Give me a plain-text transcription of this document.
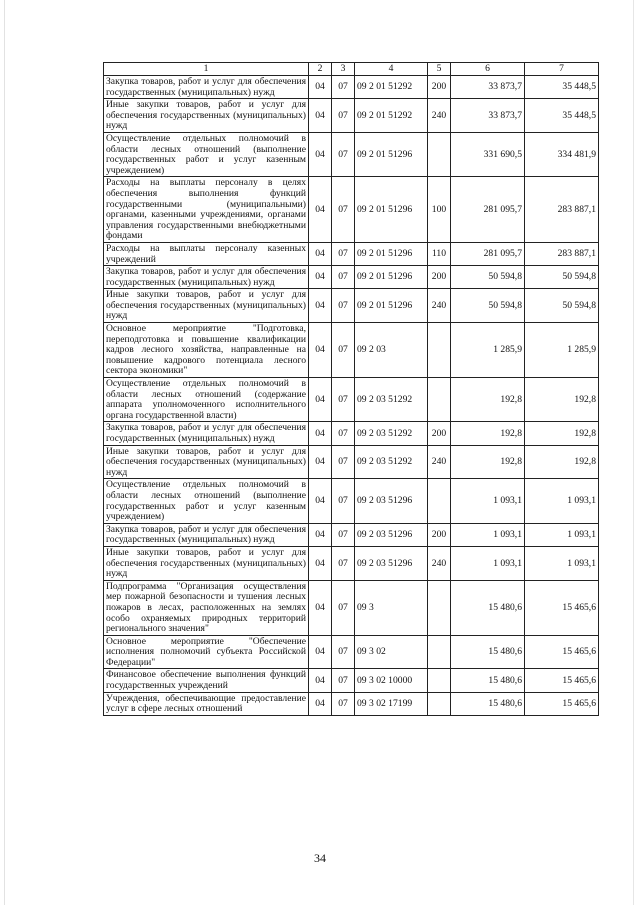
1	2	3	4	5	6	7
Закупка товаров, работ и услуг для обеспечения государственных (муниципальных) нужд	04	07	09 2 01 51292	200	33 873,7	35 448,5
Иные закупки товаров, работ и услуг для обеспечения государственных (муниципальных) нужд	04	07	09 2 01 51292	240	33 873,7	35 448,5
Осуществление отдельных полномочий в области лесных отношений (выполнение государственных работ и услуг казенным учреждением)	04	07	09 2 01 51296		331 690,5	334 481,9
Расходы на выплаты персоналу в целях обеспечения выполнения функций государственными (муниципальными) органами, казенными учреждениями, органами управления государственными внебюджетными фондами	04	07	09 2 01 51296	100	281 095,7	283 887,1
Расходы на выплаты персоналу казенных учреждений	04	07	09 2 01 51296	110	281 095,7	283 887,1
Закупка товаров, работ и услуг для обеспечения государственных (муниципальных) нужд	04	07	09 2 01 51296	200	50 594,8	50 594,8
Иные закупки товаров, работ и услуг для обеспечения государственных (муниципальных) нужд	04	07	09 2 01 51296	240	50 594,8	50 594,8
Основное мероприятие "Подготовка, переподготовка и повышение квалификации кадров лесного хозяйства, направленные на повышение кадрового потенциала лесного сектора экономики"	04	07	09 2 03		1 285,9	1 285,9
Осуществление отдельных полномочий в области лесных отношений (содержание аппарата уполномоченного исполнительного органа государственной власти)	04	07	09 2 03 51292		192,8	192,8
Закупка товаров, работ и услуг для обеспечения государственных (муниципальных) нужд	04	07	09 2 03 51292	200	192,8	192,8
Иные закупки товаров, работ и услуг для обеспечения государственных (муниципальных) нужд	04	07	09 2 03 51292	240	192,8	192,8
Осуществление отдельных полномочий в области лесных отношений (выполнение государственных работ и услуг казенным учреждением)	04	07	09 2 03 51296		1 093,1	1 093,1
Закупка товаров, работ и услуг для обеспечения государственных (муниципальных) нужд	04	07	09 2 03 51296	200	1 093,1	1 093,1
Иные закупки товаров, работ и услуг для обеспечения государственных (муниципальных) нужд	04	07	09 2 03 51296	240	1 093,1	1 093,1
Подпрограмма "Организация осуществления мер пожарной безопасности и тушения лесных пожаров в лесах, расположенных на землях особо охраняемых природных территорий регионального значения"	04	07	09 3		15 480,6	15 465,6
Основное мероприятие "Обеспечение исполнения полномочий субъекта Российской Федерации"	04	07	09 3 02		15 480,6	15 465,6
Финансовое обеспечение выполнения функций государственных учреждений	04	07	09 3 02 10000		15 480,6	15 465,6
Учреждения, обеспечивающие предоставление услуг в сфере лесных отношений	04	07	09 3 02 17199		15 480,6	15 465,6
34
